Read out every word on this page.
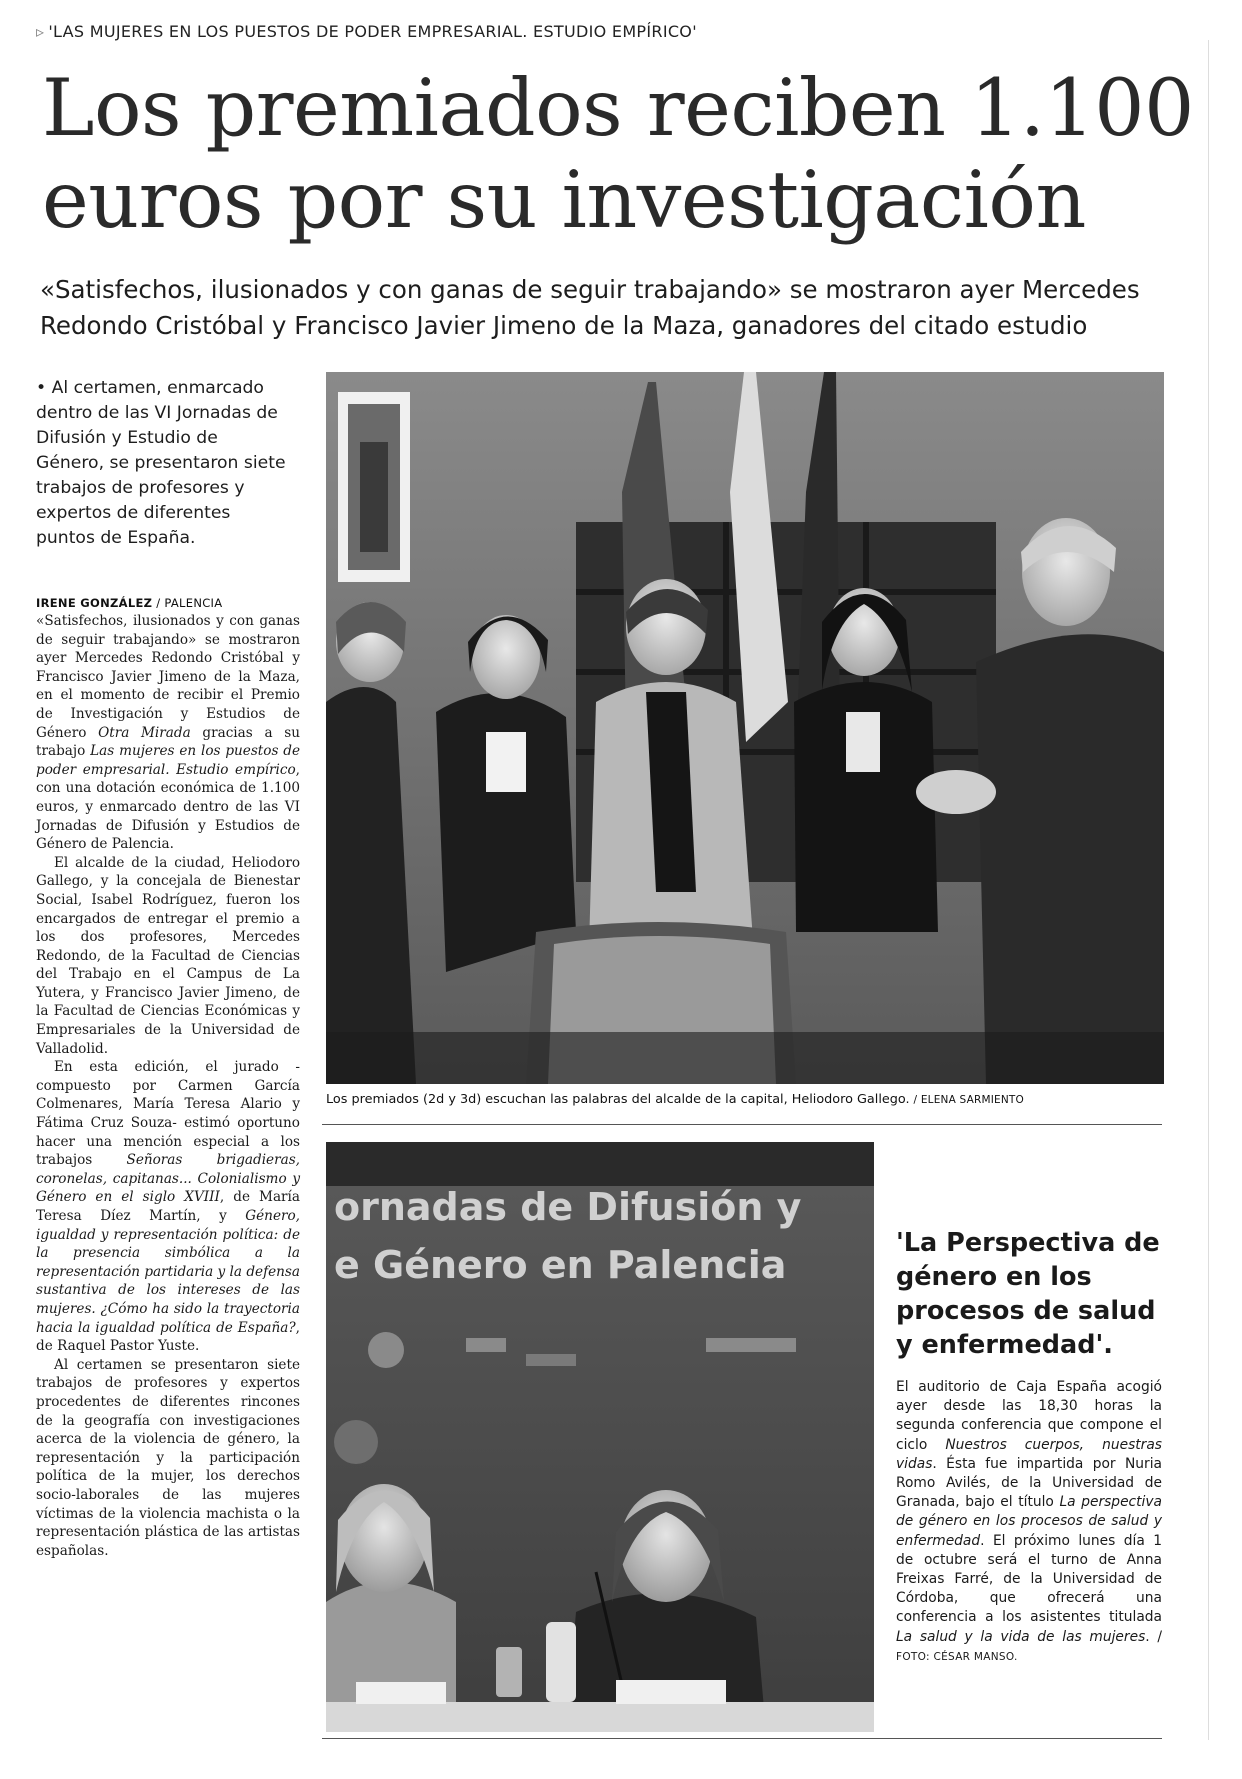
▹ 'LAS MUJERES EN LOS PUESTOS DE PODER EMPRESARIAL. ESTUDIO EMPÍRICO'
Los premiados reciben 1.100
euros por su investigación

«Satisfechos, ilusionados y con ganas de seguir trabajando» se mostraron ayer Mercedes
Redondo Cristóbal y Francisco Javier Jimeno de la Maza, ganadores del citado estudio

• Al certamen, enmarcado dentro de las VI Jornadas de Difusión y Estudio de Género, se presentaron siete trabajos de profesores y expertos de diferentes puntos de España.

IRENE GONZÁLEZ / PALENCIA

«Satisfechos, ilusionados y con ganas de seguir trabajando» se mostraron ayer Mercedes Redondo Cristóbal y Francisco Javier Jimeno de la Maza, en el momento de recibir el Premio de Investigación y Estudios de Género Otra Mirada gracias a su trabajo Las mujeres en los puestos de poder empresarial. Estudio empírico, con una dotación económica de 1.100 euros, y enmarcado dentro de las VI Jornadas de Difusión y Estudios de Género de Palencia.

El alcalde de la ciudad, Heliodoro Gallego, y la concejala de Bienestar Social, Isabel Rodríguez, fueron los encargados de entregar el premio a los dos profesores, Mercedes Redondo, de la Facultad de Ciencias del Trabajo en el Campus de La Yutera, y Francisco Javier Jimeno, de la Facultad de Ciencias Económicas y Empresariales de la Universidad de Valladolid.

En esta edición, el jurado -compuesto por Carmen García Colmenares, María Teresa Alario y Fátima Cruz Souza- estimó oportuno hacer una mención especial a los trabajos Señoras brigadieras, coronelas, capitanas... Colonialismo y Género en el siglo XVIII, de María Teresa Díez Martín, y Género, igualdad y representación política: de la presencia simbólica a la representación partidaria y la defensa sustantiva de los intereses de las mujeres. ¿Cómo ha sido la trayectoria hacia la igualdad política de España?, de Raquel Pastor Yuste.

Al certamen se presentaron siete trabajos de profesores y expertos procedentes de diferentes rincones de la geografía con investigaciones acerca de la violencia de género, la representación y la participación política de la mujer, los derechos socio-laborales de las mujeres víctimas de la violencia machista o la representación plástica de las artistas españolas.

Los premiados (2d y 3d) escuchan las palabras del alcalde de la capital, Heliodoro Gallego. / ELENA SARMIENTO
ornadas de Difusión y
e Género en Palencia	'La Perspectiva de género en los procesos de salud y enfermedad'.

El auditorio de Caja España acogió ayer desde las 18,30 horas la segunda conferencia que compone el ciclo Nuestros cuerpos, nuestras vidas. Ésta fue impartida por Nuria Romo Avilés, de la Universidad de Granada, bajo el título La perspectiva de género en los procesos de salud y enfermedad. El próximo lunes día 1 de octubre será el turno de Anna Freixas Farré, de la Universidad de Córdoba, que ofrecerá una conferencia a los asistentes titulada La salud y la vida de las mujeres. / FOTO: CÉSAR MANSO.
